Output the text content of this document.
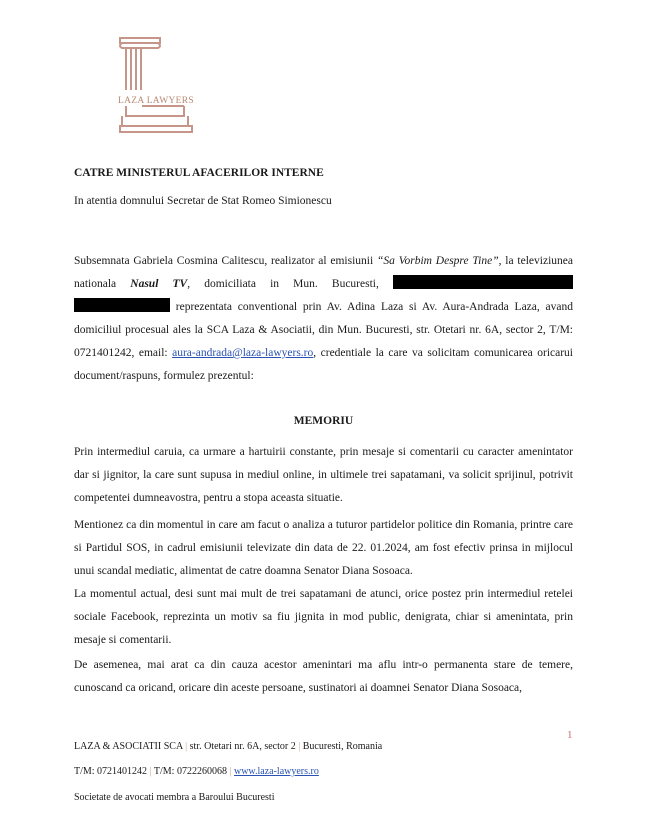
LAZA LAWYERS
CATRE MINISTERUL AFACERILOR INTERNE
In atentia domnului Secretar de Stat Romeo Simionescu
Subsemnata Gabriela Cosmina Calitescu, realizator al emisiunii “Sa Vorbim Despre Tine”, la televiziunea nationala Nasul TV, domiciliata in Mun. Bucuresti,   reprezentata conventional prin Av. Adina Laza si Av. Aura-Andrada Laza, avand domiciliul procesual ales la SCA Laza & Asociatii, din Mun. Bucuresti, str. Otetari nr. 6A, sector 2, T/M: 0721401242, email: aura-andrada@laza-lawyers.ro, credentiale la care va solicitam comunicarea oricarui document/raspuns, formulez prezentul:
MEMORIU
Prin intermediul caruia, ca urmare a hartuirii constante, prin mesaje si comentarii cu caracter amenintator dar si jignitor, la care sunt supusa in mediul online, in ultimele trei sapatamani, va solicit sprijinul, potrivit competentei dumneavostra, pentru a stopa aceasta situatie.
Mentionez ca din momentul in care am facut o analiza a tuturor partidelor politice din Romania, printre care si Partidul SOS, in cadrul emisiunii televizate din data de 22. 01.2024, am fost efectiv prinsa in mijlocul unui scandal mediatic, alimentat de catre doamna Senator Diana Sosoaca.
La momentul actual, desi sunt mai mult de trei sapatamani de atunci, orice postez prin intermediul retelei sociale Facebook, reprezinta un motiv sa fiu jignita in mod public, denigrata, chiar si amenintata, prin mesaje si comentarii.
De asemenea, mai arat ca din cauza acestor amenintari ma aflu intr-o permanenta stare de temere, cunoscand ca oricand, oricare din aceste persoane, sustinatori ai doamnei Senator Diana Sosoaca,
1
LAZA & ASOCIATII SCA | str. Otetari nr. 6A, sector 2 | Bucuresti, Romania
T/M: 0721401242 | T/M: 0722260068 | www.laza-lawyers.ro
Societate de avocati membra a Baroului Bucuresti
